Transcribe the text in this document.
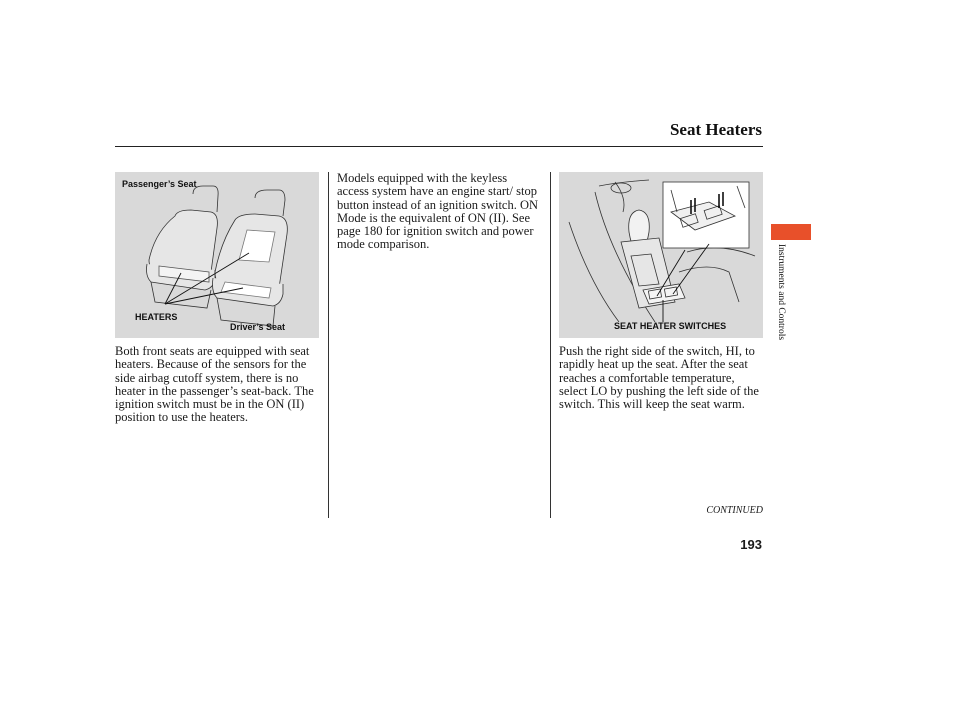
Seat Heaters
Passenger’s Seat
HEATERS
Driver’s Seat	SEAT HEATER SWITCHES
Both front seats are equipped with seat heaters. Because of the sensors for the side airbag cutoff system, there is no heater in the passenger’s seat-back. The ignition switch must be in the ON (II) position to use the heaters.
Models equipped with the keyless access system have an engine start/ stop button instead of an ignition switch. ON Mode is the equivalent of ON (II). See page 180 for ignition switch and power mode comparison.
Push the right side of the switch, HI, to rapidly heat up the seat. After the seat reaches a comfortable temperature, select LO by pushing the left side of the switch. This will keep the seat warm.
Instruments and Controls
CONTINUED
193
